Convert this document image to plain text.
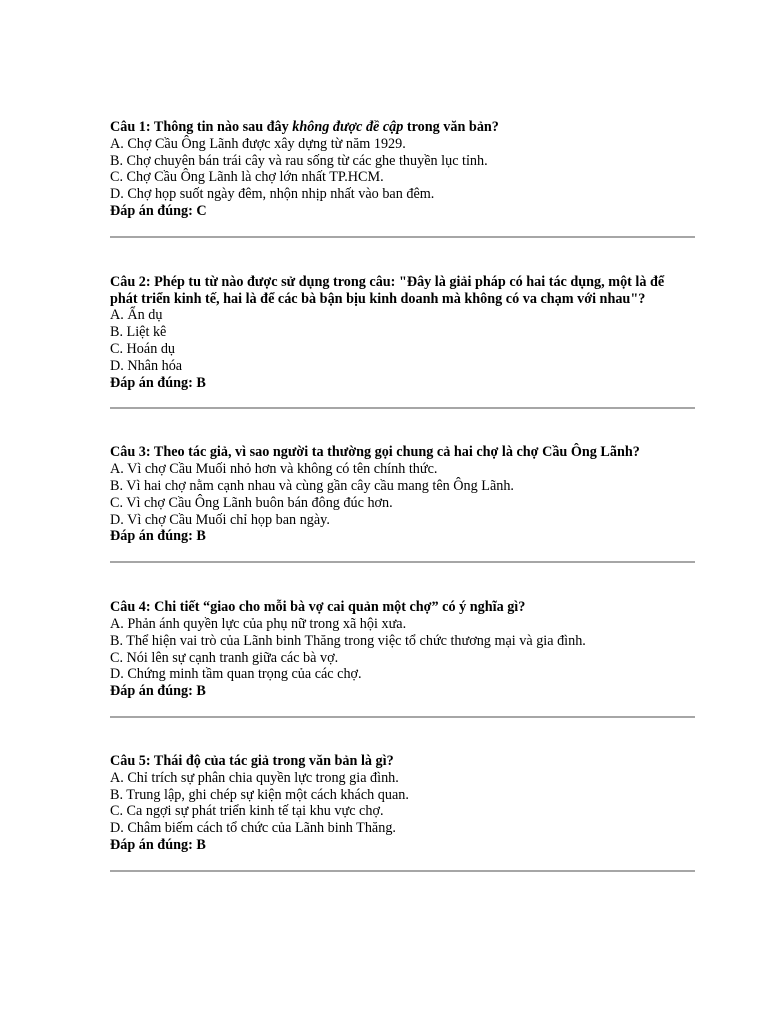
Câu 1: Thông tin nào sau đây không được đề cập trong văn bản?
A. Chợ Cầu Ông Lãnh được xây dựng từ năm 1929.
B. Chợ chuyên bán trái cây và rau sống từ các ghe thuyền lục tỉnh.
C. Chợ Cầu Ông Lãnh là chợ lớn nhất TP.HCM.
D. Chợ họp suốt ngày đêm, nhộn nhịp nhất vào ban đêm.
Đáp án đúng: C
Câu 2: Phép tu từ nào được sử dụng trong câu: "Đây là giải pháp có hai tác dụng, một là để phát triển kinh tế, hai là để các bà bận bịu kinh doanh mà không có va chạm với nhau"?
A. Ẩn dụ
B. Liệt kê
C. Hoán dụ
D. Nhân hóa
Đáp án đúng: B
Câu 3: Theo tác giả, vì sao người ta thường gọi chung cả hai chợ là chợ Cầu Ông Lãnh?
A. Vì chợ Cầu Muối nhỏ hơn và không có tên chính thức.
B. Vì hai chợ nằm cạnh nhau và cùng gần cây cầu mang tên Ông Lãnh.
C. Vì chợ Cầu Ông Lãnh buôn bán đông đúc hơn.
D. Vì chợ Cầu Muối chỉ họp ban ngày.
Đáp án đúng: B
Câu 4: Chi tiết “giao cho mỗi bà vợ cai quản một chợ” có ý nghĩa gì?
A. Phản ánh quyền lực của phụ nữ trong xã hội xưa.
B. Thể hiện vai trò của Lãnh binh Thăng trong việc tổ chức thương mại và gia đình.
C. Nói lên sự cạnh tranh giữa các bà vợ.
D. Chứng minh tầm quan trọng của các chợ.
Đáp án đúng: B
Câu 5: Thái độ của tác giả trong văn bản là gì?
A. Chỉ trích sự phân chia quyền lực trong gia đình.
B. Trung lập, ghi chép sự kiện một cách khách quan.
C. Ca ngợi sự phát triển kinh tế tại khu vực chợ.
D. Châm biếm cách tổ chức của Lãnh binh Thăng.
Đáp án đúng: B
